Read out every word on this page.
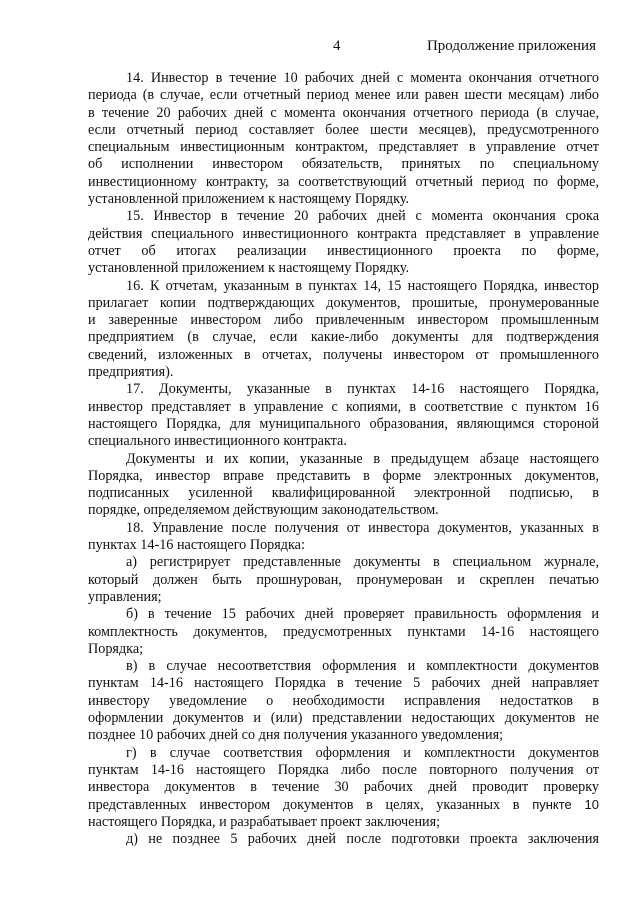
4	Продолжение приложения
14. Инвестор в течение 10 рабочих дней с момента окончания отчетного
периода (в случае, если отчетный период менее или равен шести месяцам) либо
в течение 20 рабочих дней с момента окончания отчетного периода (в случае,
если отчетный период составляет более шести месяцев), предусмотренного
специальным инвестиционным контрактом, представляет в управление отчет
об исполнении инвестором обязательств, принятых по специальному
инвестиционному контракту, за соответствующий отчетный период по форме,
установленной приложением к настоящему Порядку.
15. Инвестор в течение 20 рабочих дней с момента окончания срока
действия специального инвестиционного контракта представляет в управление
отчет об итогах реализации инвестиционного проекта по форме,
установленной приложением к настоящему Порядку.
16. К отчетам, указанным в пунктах 14, 15 настоящего Порядка, инвестор
прилагает копии подтверждающих документов, прошитые, пронумерованные
и заверенные инвестором либо привлеченным инвестором промышленным
предприятием (в случае, если какие-либо документы для подтверждения
сведений, изложенных в отчетах, получены инвестором от промышленного
предприятия).
17. Документы, указанные в пунктах 14-16 настоящего Порядка,
инвестор представляет в управление с копиями, в соответствие с пунктом 16
настоящего Порядка, для муниципального образования, являющимся стороной
специального инвестиционного контракта.
Документы и их копии, указанные в предыдущем абзаце настоящего
Порядка, инвестор вправе представить в форме электронных документов,
подписанных усиленной квалифицированной электронной подписью, в
порядке, определяемом действующим законодательством.
18. Управление после получения от инвестора документов, указанных в
пунктах 14-16 настоящего Порядка:
а) регистрирует представленные документы в специальном журнале,
который должен быть прошнурован, пронумерован и скреплен печатью
управления;
б) в течение 15 рабочих дней проверяет правильность оформления и
комплектность документов, предусмотренных пунктами 14-16 настоящего
Порядка;
в) в случае несоответствия оформления и комплектности документов
пунктам 14-16 настоящего Порядка в течение 5 рабочих дней направляет
инвестору уведомление о необходимости исправления недостатков в
оформлении документов и (или) представлении недостающих документов не
позднее 10 рабочих дней со дня получения указанного уведомления;
г) в случае соответствия оформления и комплектности документов
пунктам 14-16 настоящего Порядка либо после повторного получения от
инвестора документов в течение 30 рабочих дней проводит проверку
представленных инвестором документов в целях, указанных в пункте 10
настоящего Порядка, и разрабатывает проект заключения;
д) не позднее 5 рабочих дней после подготовки проекта заключения
